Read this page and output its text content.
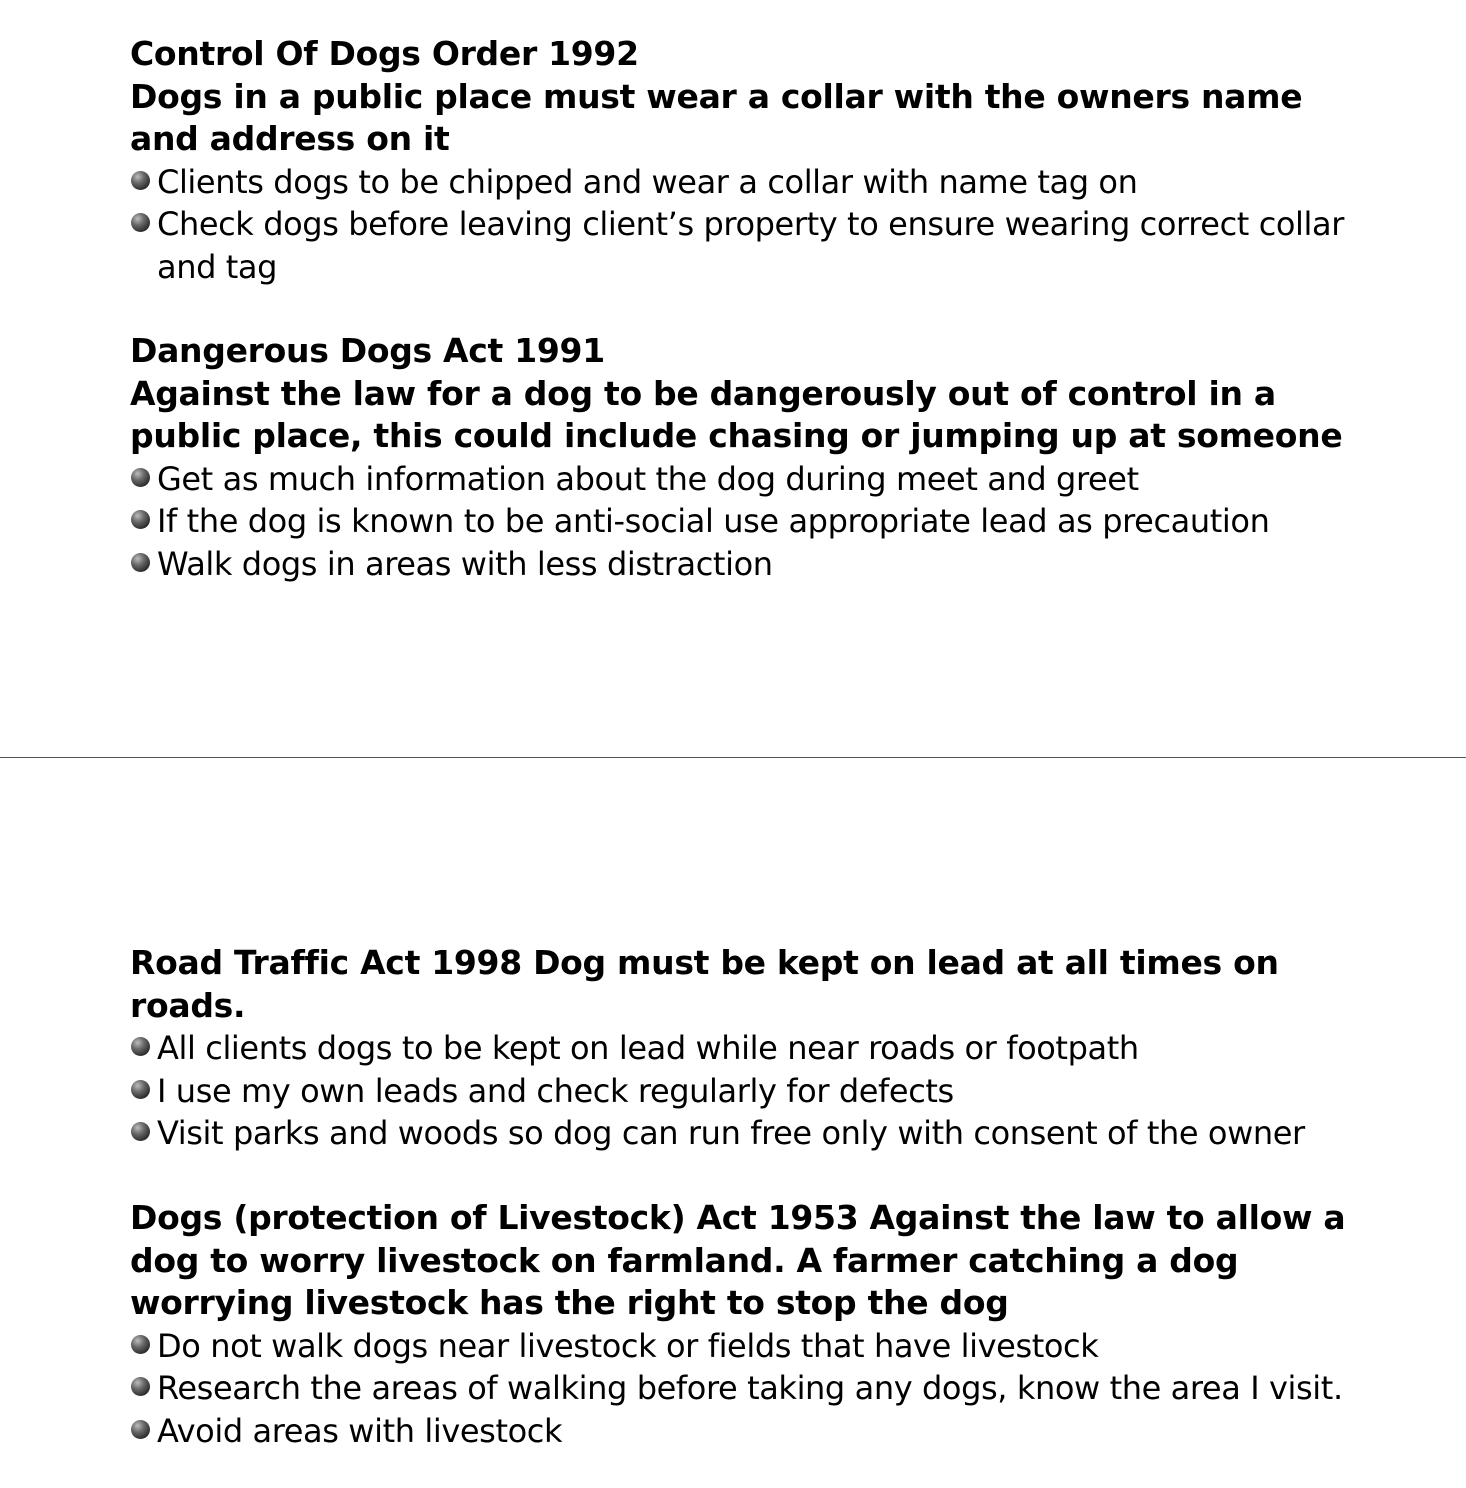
Control Of Dogs Order 1992

Dogs in a public place must wear a collar with the owners name and address on it

Clients dogs to be chipped and wear a collar with name tag on
Check dogs before leaving client’s property to ensure wearing correct collar and tag

Dangerous Dogs Act 1991

Against the law for a dog to be dangerously out of control in a public place, this could include chasing or jumping up at someone

Get as much information about the dog during meet and greet
If the dog is known to be anti-social use appropriate lead as precaution
Walk dogs in areas with less distraction

Road Traffic Act 1998 Dog must be kept on lead at all times on roads.

All clients dogs to be kept on lead while near roads or footpath
I use my own leads and check regularly for defects
Visit parks and woods so dog can run free only with consent of the owner

Dogs (protection of Livestock) Act 1953 Against the law to allow a dog to worry livestock on farmland. A farmer catching a dog worrying livestock has the right to stop the dog

Do not walk dogs near livestock or fields that have livestock
Research the areas of walking before taking any dogs, know the area I visit.
Avoid areas with livestock
